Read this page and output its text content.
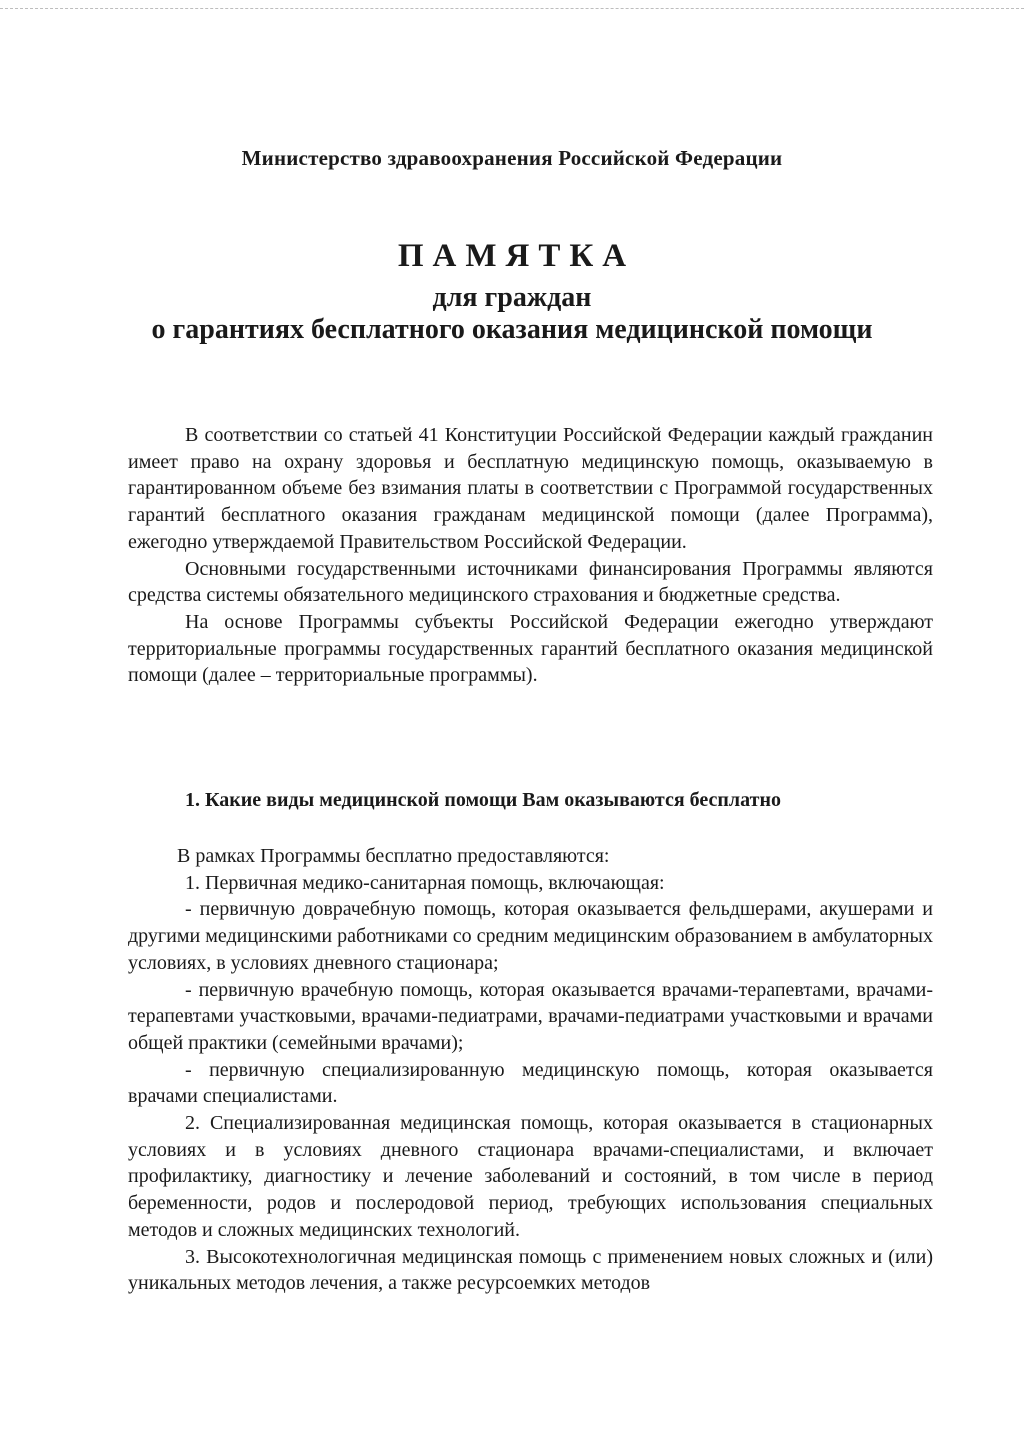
Министерство здравоохранения Российской Федерации
ПАМЯТКА
для граждан
о гарантиях бесплатного оказания медицинской помощи

В соответствии со статьей 41 Конституции Российской Федерации каждый гражданин имеет право на охрану здоровья и бесплатную медицинскую помощь, оказываемую в гарантированном объеме без взимания платы в соответствии с Программой государственных гарантий бесплатного оказания гражданам медицинской помощи (далее Программа), ежегодно утверждаемой Правительством Российской Федерации.

Основными государственными источниками финансирования Программы являются средства системы обязательного медицинского страхования и бюджетные средства.

На основе Программы субъекты Российской Федерации ежегодно утверждают территориальные программы государственных гарантий бесплатного оказания медицинской помощи (далее – территориальные программы).

1. Какие виды медицинской помощи Вам оказываются бесплатно

В рамках Программы бесплатно предоставляются:

1. Первичная медико-санитарная помощь, включающая:

- первичную доврачебную помощь, которая оказывается фельдшерами, акушерами и другими медицинскими работниками со средним медицинским образованием в амбулаторных условиях, в условиях дневного стационара;

- первичную врачебную помощь, которая оказывается врачами-терапевтами, врачами-терапевтами участковыми, врачами-педиатрами, врачами-педиатрами участковыми и врачами общей практики (семейными врачами);

- первичную специализированную медицинскую помощь, которая оказывается врачами специалистами.

2. Специализированная медицинская помощь, которая оказывается в стационарных условиях и в условиях дневного стационара врачами-специалистами, и включает профилактику, диагностику и лечение заболеваний и состояний, в том числе в период беременности, родов и послеродовой период, требующих использования специальных методов и сложных медицинских технологий.

3. Высокотехнологичная медицинская помощь с применением новых сложных и (или) уникальных методов лечения, а также ресурсоемких методов
